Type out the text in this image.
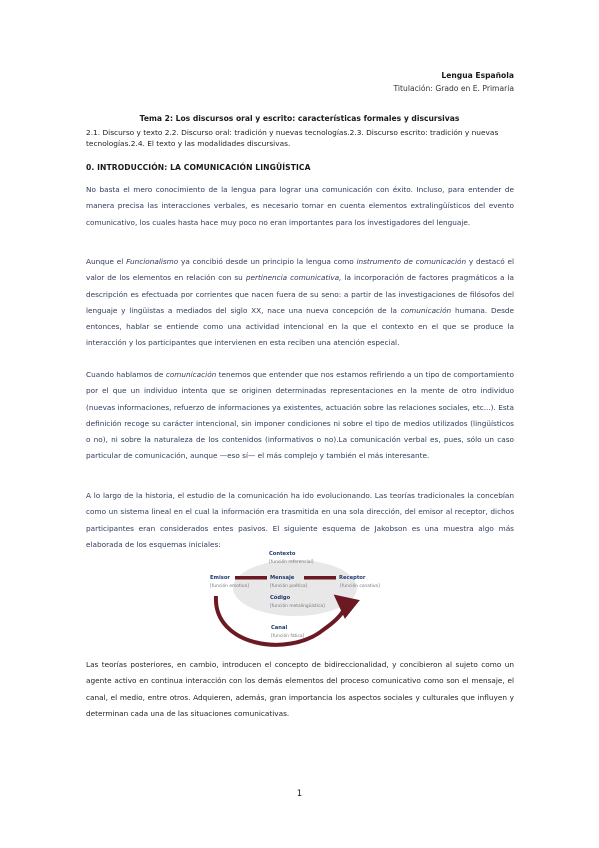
Lengua Española
Titulación: Grado en E. Primaria
Tema 2: Los discursos oral y escrito: características formales y discursivas
2.1. Discurso y texto 2.2. Discurso oral: tradición y nuevas tecnologías.2.3. Discurso escrito: tradición y nuevas tecnologías.2.4. El texto y las modalidades discursivas.
0. INTRODUCCIÓN: LA COMUNICACIÓN LINGÜÍSTICA
No basta el mero conocimiento de la lengua para lograr una comunicación con éxito. Incluso, para entender de manera precisa las interacciones verbales, es necesario tomar en cuenta elementos extralingüísticos del evento comunicativo, los cuales hasta hace muy poco no eran importantes para los investigadores del lenguaje.
Aunque el Funcionalismo ya concibió desde un principio la lengua como instrumento de comunicación y destacó el valor de los elementos en relación con su pertinencia comunicativa, la incorporación de factores pragmáticos a la descripción es efectuada por corrientes que nacen fuera de su seno: a partir de las investigaciones de filósofos del lenguaje y lingüistas a mediados del siglo XX, nace una nueva concepción de la comunicación humana. Desde entonces, hablar se entiende como una actividad intencional en la que el contexto en el que se produce la interacción y los participantes que intervienen en esta reciben una atención especial.
Cuando hablamos de comunicación tenemos que entender que nos estamos refiriendo a un tipo de comportamiento por el que un individuo intenta que se originen determinadas representaciones en la mente de otro individuo (nuevas informaciones, refuerzo de informaciones ya existentes, actuación sobre las relaciones sociales, etc...). Esta definición recoge su carácter intencional, sin imponer condiciones ni sobre el tipo de medios utilizados (lingüísticos o no), ni sobre la naturaleza de los contenidos (informativos o no).La comunicación verbal es, pues, sólo un caso particular de comunicación, aunque —eso sí— el más complejo y también el más interesante.
A lo largo de la historia, el estudio de la comunicación ha ido evolucionando. Las teorías tradicionales la concebían como un sistema lineal en el cual la información era trasmitida en una sola dirección, del emisor al receptor, dichos participantes eran considerados entes pasivos. El siguiente esquema de Jakobson es una muestra algo más elaborada de los esquemas iniciales:
Contexto
[función referencial]
Emisor
[función emotiva]
Mensaje
[función poética]
Receptor
[función conativa]
Código
[función metalingüística]
Canal
[función fática]
Las teorías posteriores, en cambio, introducen el concepto de bidireccionalidad, y concibieron al sujeto como un agente activo en continua interacción con los demás elementos del proceso comunicativo como son el mensaje, el canal, el medio, entre otros. Adquieren, además, gran importancia los aspectos sociales y culturales que influyen y determinan cada una de las situaciones comunicativas.
1
